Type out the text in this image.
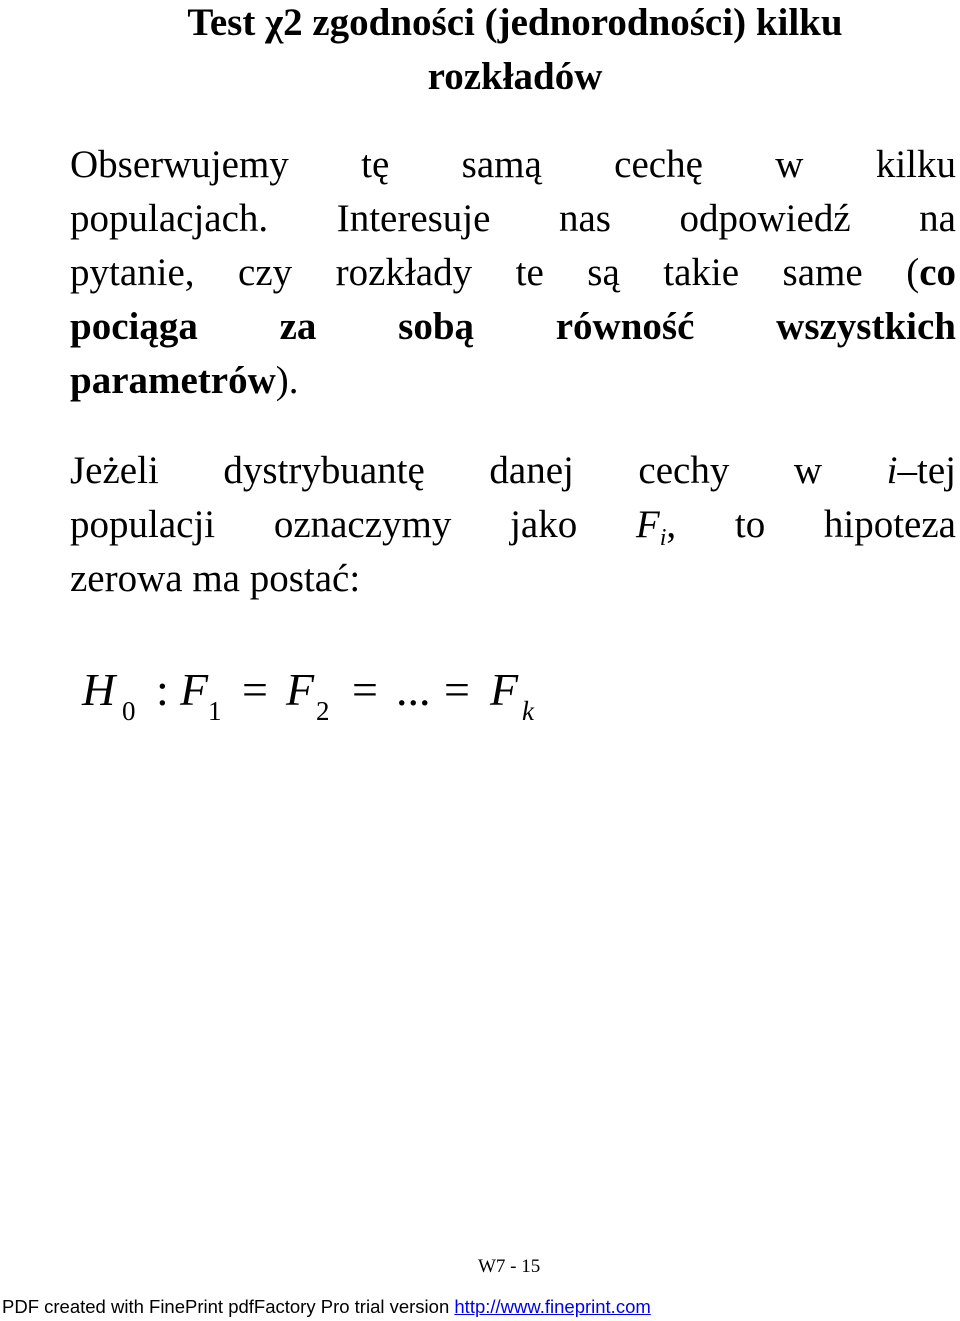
Test χ2 zgodności (jednorodności) kilku
rozkładów
Obserwujemy tę samą cechę w kilku
populacjach. Interesuje nas odpowiedź na
pytanie, czy rozkłady te są takie same (co
pociąga za sobą równość wszystkich
parametrów).
Jeżeli dystrybuantę danej cechy w i–tej
populacji oznaczymy jako $F_i$, to hipoteza
zerowa ma postać:
H 0 : F 1 = F 2 = ... = F k
W7 - 15
PDF created with FinePrint pdfFactory Pro trial version http://www.fineprint.com
